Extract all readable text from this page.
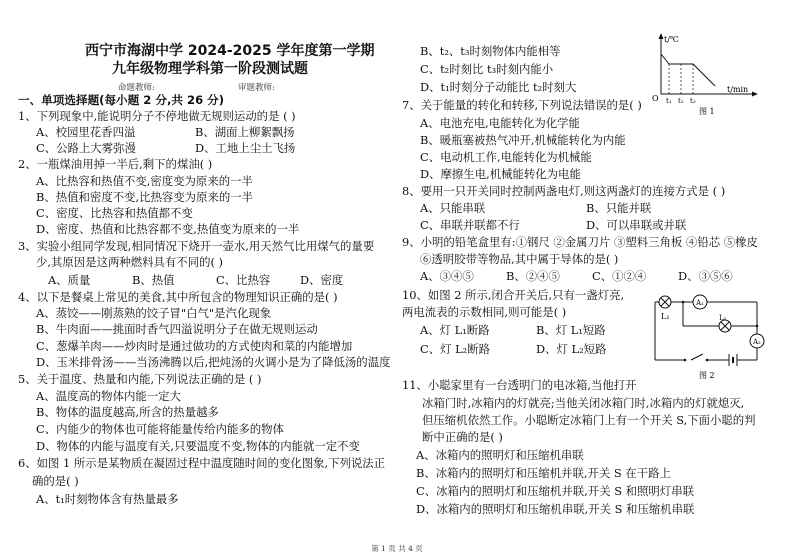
西宁市海湖中学 2024-2025 学年度第一学期
九年级物理学科第一阶段测试题
命题教师:	审题教师:
一、单项选择题(每小题 2 分,共 26 分)
1、下列现象中,能说明分子不停地做无规则运动的是 ( )
A、校园里花香四溢	B、湖面上柳絮飘扬
C、公路上大雾弥漫	D、工地上尘土飞扬
2、一瓶煤油用掉一半后,剩下的煤油( )
A、比热容和热值不变,密度变为原来的一半
B、热值和密度不变,比热容变为原来的一半
C、密度、比热容和热值都不变
D、密度、热值和比热容都不变,热值变为原来的一半
3、实验小组同学发现,相同情况下烧开一壶水,用天然气比用煤气的量要
少,其原因是这两种燃料具有不同的( )
A、质量	B、热值	C、比热容	D、密度
4、以下是餐桌上常见的美食,其中所包含的物理知识正确的是( )
A、蒸饺——刚蒸熟的饺子冒"白气"是汽化现象
B、牛肉面——挑面时香气四溢说明分子在做无规则运动
C、葱爆羊肉——炒肉时是通过做功的方式使肉和菜的内能增加
D、玉米排骨汤——当汤沸腾以后,把炖汤的火调小是为了降低汤的温度
5、关于温度、热量和内能,下列说法正确的是 ( )
A、温度高的物体内能一定大
B、物体的温度越高,所含的热量越多
C、内能少的物体也可能将能量传给内能多的物体
D、物体的内能与温度有关,只要温度不变,物体的内能就一定不变
6、如图 1 所示是某物质在凝固过程中温度随时间的变化图象,下列说法正
确的是( )
A、t₁时刻物体含有热量最多
B、t₂、t₃时刻物体内能相等
C、t₂时刻比 t₃时刻内能小
D、t₁时刻分子动能比 t₂时刻大
t/℃
t/min
O t₁ t₂ t₃
图 1
7、关于能量的转化和转移,下列说法错误的是( )
A、电池充电,电能转化为化学能
B、暖瓶塞被热气冲开,机械能转化为内能
C、电动机工作,电能转化为机械能
D、摩擦生电,机械能转化为电能
8、要用一只开关同时控制两盏电灯,则这两盏灯的连接方式是 ( )
A、只能串联	B、只能并联
C、串联并联都不行	D、可以串联或并联
9、小明的铅笔盒里有:①钢尺 ②金属刀片 ③塑料三角板 ④铅芯 ⑤橡皮
⑥透明胶带等物品,其中属于导体的是( )
A、③④⑤	B、②④⑤	C、①②④	D、③⑤⑥
10、如图 2 所示,闭合开关后,只有一盏灯亮,
两电流表的示数相同,则可能是( )
A、灯 L₁断路	B、灯 L₁短路
C、灯 L₂断路	D、灯 L₂短路
A₁
A₂
L₁	L₂
图 2
11、小聪家里有一台透明门的电冰箱,当他打开
冰箱门时,冰箱内的灯就亮;当他关闭冰箱门时,冰箱内的灯就熄灭,
但压缩机依然工作。小聪断定冰箱门上有一个开关 S,下面小聪的判
断中正确的是( )
A、冰箱内的照明灯和压缩机串联
B、冰箱内的照明灯和压缩机并联,开关 S 在干路上
C、冰箱内的照明灯和压缩机并联,开关 S 和照明灯串联
D、冰箱内的照明灯和压缩机串联,开关 S 和压缩机串联
第 1 页 共 4 页
